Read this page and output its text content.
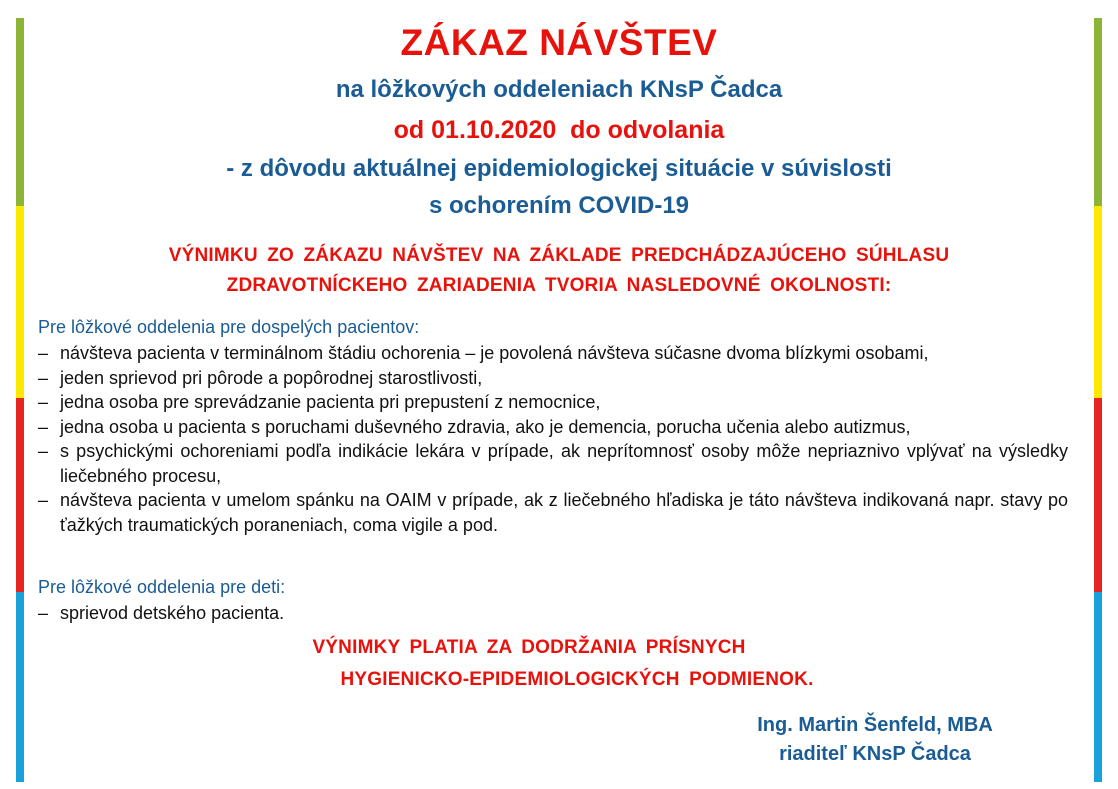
ZÁKAZ NÁVŠTEV
na lôžkových oddeleniach KNsP Čadca
od 01.10.2020  do odvolania
- z dôvodu aktuálnej epidemiologickej situácie v súvislosti
s ochorením COVID-19
VÝNIMKU ZO ZÁKAZU NÁVŠTEV NA ZÁKLADE PREDCHÁDZAJÚCEHO SÚHLASU
ZDRAVOTNÍCKEHO ZARIADENIA TVORIA NASLEDOVNÉ OKOLNOSTI:
Pre lôžkové oddelenia pre dospelých pacientov:
– návšteva pacienta v terminálnom štádiu ochorenia – je povolená návšteva súčasne dvoma blízkymi osobami,
– jeden sprievod pri pôrode a popôrodnej starostlivosti,
– jedna osoba pre sprevádzanie pacienta pri prepustení z nemocnice,
– jedna osoba u pacienta s poruchami duševného zdravia, ako je demencia, porucha učenia alebo autizmus,
– s psychickými ochoreniami podľa indikácie lekára v prípade, ak neprítomnosť osoby môže nepriaznivo vplývať na výsledky liečebného procesu,
– návšteva pacienta v umelom spánku na OAIM v prípade, ak z liečebného hľadiska je táto návšteva indikovaná napr. stavy po ťažkých traumatických poraneniach, coma vigile a pod.
Pre lôžkové oddelenia pre deti:
– sprievod detského pacienta.
VÝNIMKY PLATIA ZA DODRŽANIA PRÍSNYCH
HYGIENICKO-EPIDEMIOLOGICKÝCH PODMIENOK.
Ing. Martin Šenfeld, MBA
riaditeľ KNsP Čadca
